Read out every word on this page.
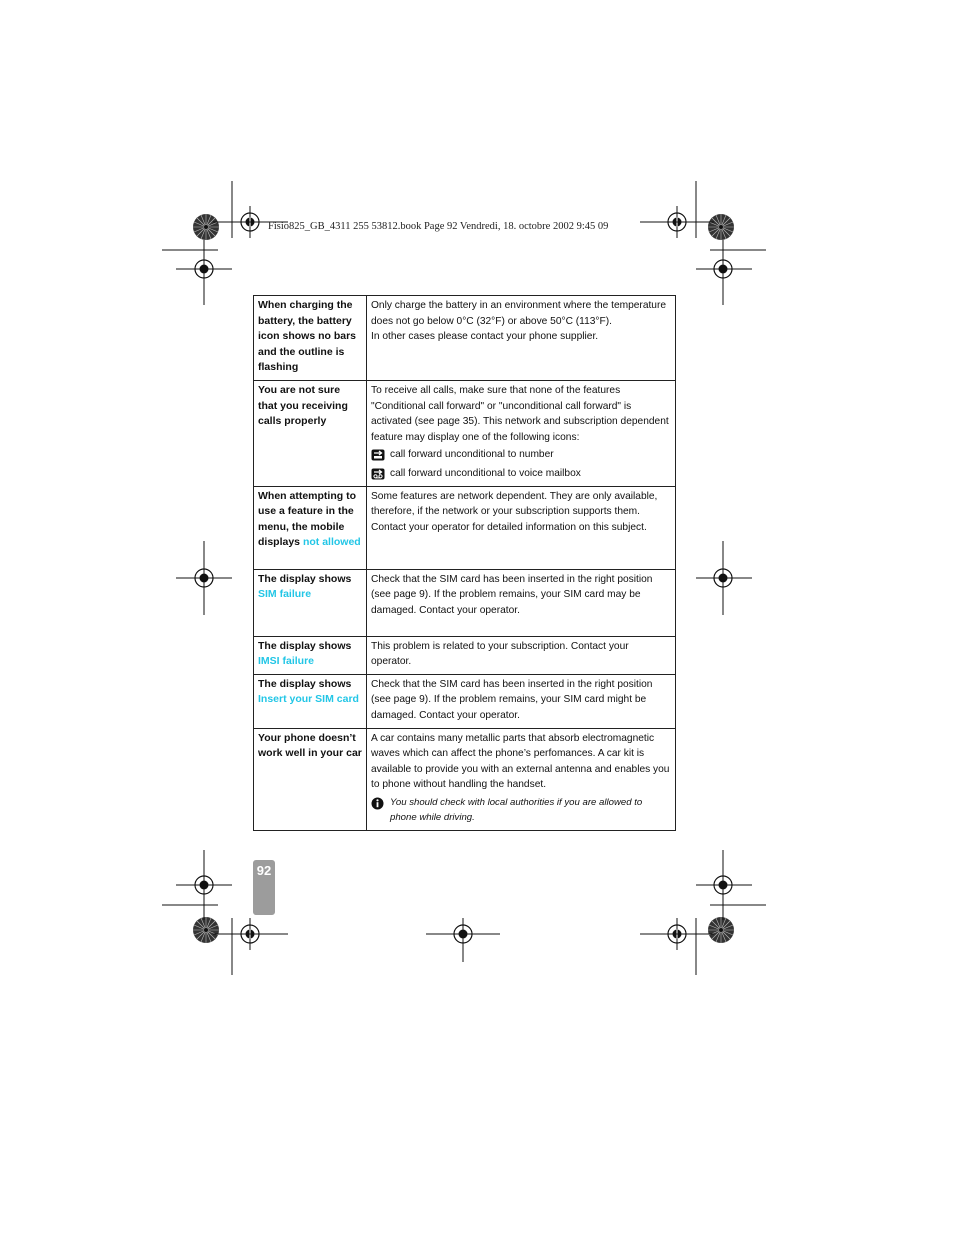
Fisio825_GB_4311 255 53812.book Page 92 Vendredi, 18. octobre 2002 9:45 09
When charging the battery, the battery icon shows no bars and the outline is flashing	Only charge the battery in an environment where the temperature does not go below 0°C (32°F) or above 50°C (113°F).
In other cases please contact your phone supplier.

You are not sure that you receiving calls properly	To receive all calls, make sure that none of the features "Conditional call forward" or "unconditional call forward" is activated (see page 35). This network and subscription dependent feature may display one of the following icons:
call forward unconditional to number
call forward unconditional to voice mailbox

When attempting to use a feature in the menu, the mobile displays not allowed	Some features are network dependent. They are only available, therefore, if the network or your subscription supports them. Contact your operator for detailed information on this subject.
The display shows SIM failure	Check that the SIM card has been inserted in the right position (see page 9). If the problem remains, your SIM card may be damaged. Contact your operator.
The display shows IMSI failure	This problem is related to your subscription. Contact your operator.
The display shows Insert your SIM card	Check that the SIM card has been inserted in the right position (see page 9). If the problem remains, your SIM card might be damaged. Contact your operator.
Your phone doesn’t work well in your car	A car contains many metallic parts that absorb electromagnetic waves which can affect the phone’s perfomances. A car kit is available to provide you with an external antenna and enables you to phone without handling the handset.
You should check with local authorities if you are allowed to phone while driving.
92
